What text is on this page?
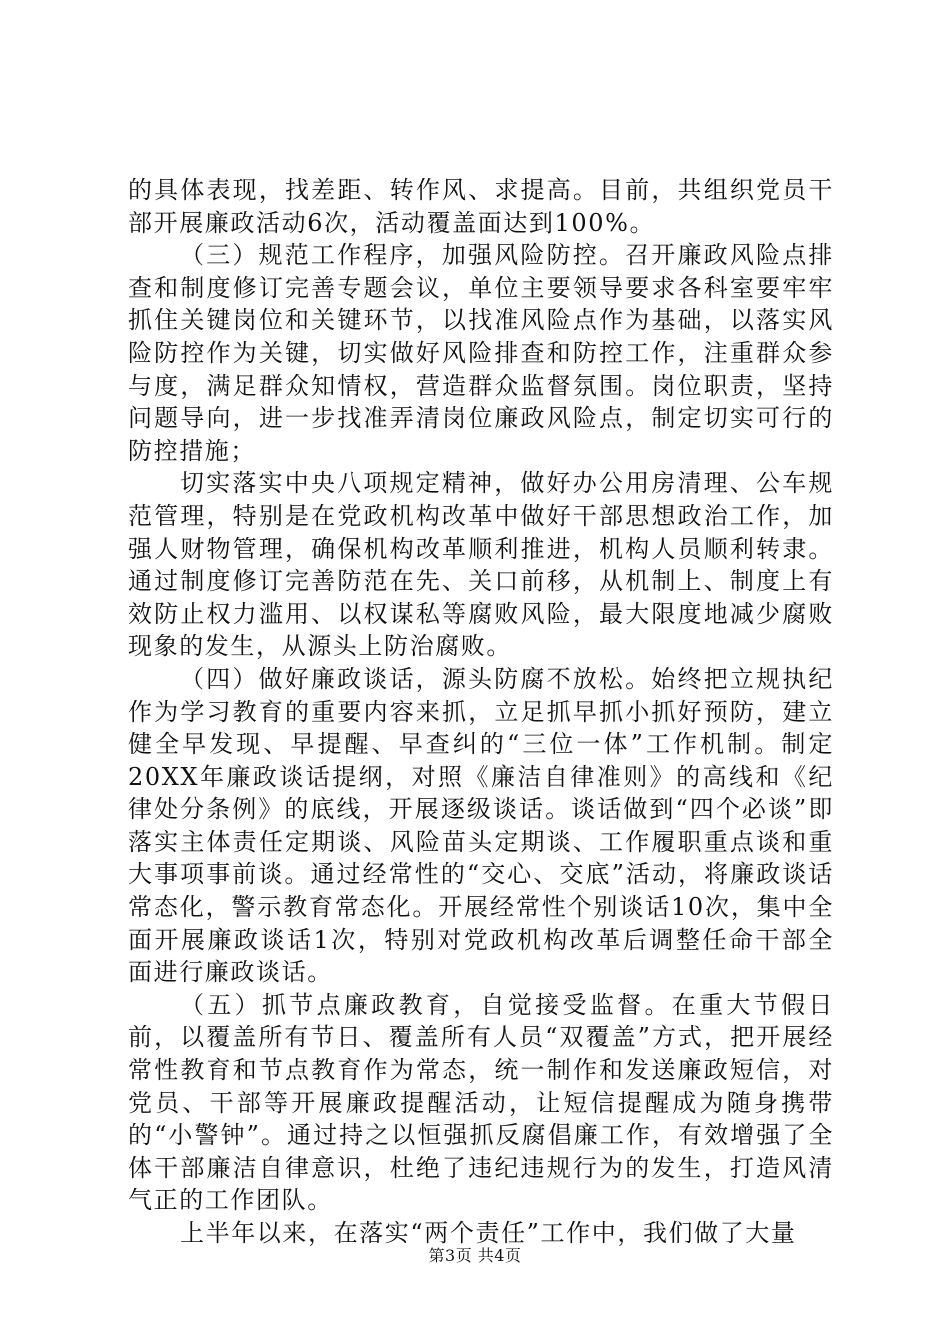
的具体表现，找差距、转作风、求提高。目前，共组织党员干部开展廉政活动6次，活动覆盖面达到100%。

（三）规范工作程序，加强风险防控。召开廉政风险点排查和制度修订完善专题会议，单位主要领导要求各科室要牢牢抓住关键岗位和关键环节，以找准风险点作为基础，以落实风险防控作为关键，切实做好风险排查和防控工作，注重群众参与度，满足群众知情权，营造群众监督氛围。岗位职责，坚持问题导向，进一步找准弄清岗位廉政风险点，制定切实可行的防控措施；

切实落实中央八项规定精神，做好办公用房清理、公车规范管理，特别是在党政机构改革中做好干部思想政治工作，加强人财物管理，确保机构改革顺利推进，机构人员顺利转隶。通过制度修订完善防范在先、关口前移，从机制上、制度上有效防止权力滥用、以权谋私等腐败风险，最大限度地减少腐败现象的发生，从源头上防治腐败。

（四）做好廉政谈话，源头防腐不放松。始终把立规执纪作为学习教育的重要内容来抓，立足抓早抓小抓好预防，建立健全早发现、早提醒、早查纠的“三位一体”工作机制。制定20XX年廉政谈话提纲，对照《廉洁自律准则》的高线和《纪律处分条例》的底线，开展逐级谈话。谈话做到“四个必谈”即落实主体责任定期谈、风险苗头定期谈、工作履职重点谈和重大事项事前谈。通过经常性的“交心、交底”活动，将廉政谈话常态化，警示教育常态化。开展经常性个别谈话10次，集中全面开展廉政谈话1次，特别对党政机构改革后调整任命干部全面进行廉政谈话。

（五）抓节点廉政教育，自觉接受监督。在重大节假日前，以覆盖所有节日、覆盖所有人员“双覆盖”方式，把开展经常性教育和节点教育作为常态，统一制作和发送廉政短信，对党员、干部等开展廉政提醒活动，让短信提醒成为随身携带的“小警钟”。通过持之以恒强抓反腐倡廉工作，有效增强了全体干部廉洁自律意识，杜绝了违纪违规行为的发生，打造风清气正的工作团队。

上半年以来，在落实“两个责任”工作中，我们做了大量

第3页 共4页
